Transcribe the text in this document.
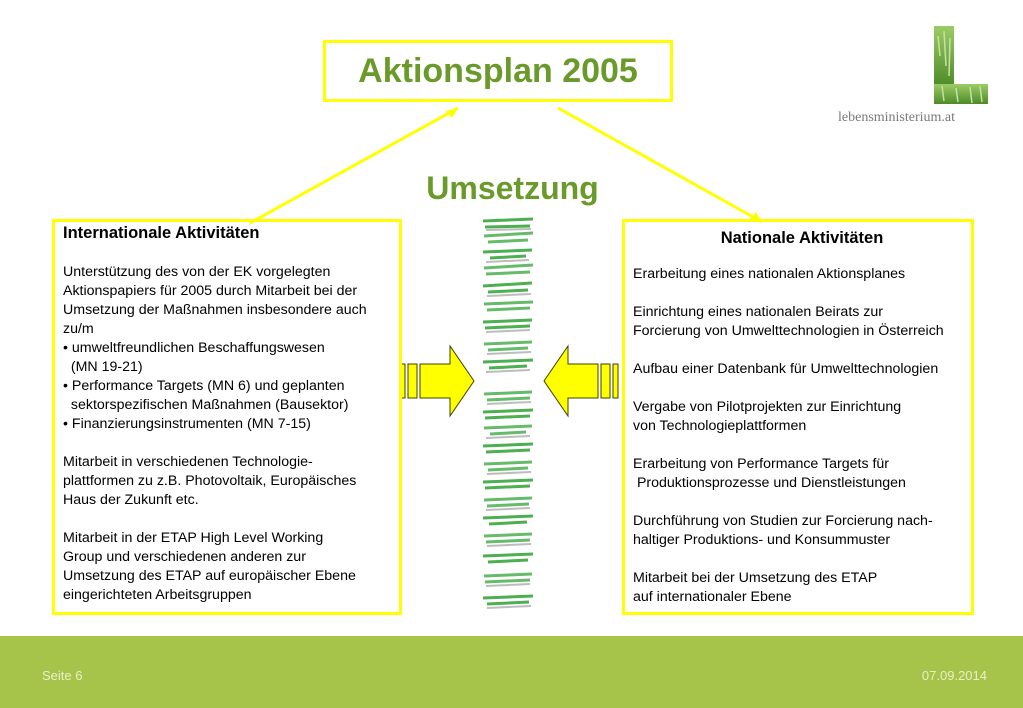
Aktionsplan 2005
Umsetzung
lebensministerium.at
Internationale Aktivitäten
Unterstützung des von der EK vorgelegten
Aktionspapiers für 2005 durch Mitarbeit bei der
Umsetzung der Maßnahmen insbesondere auch
zu/m
• umweltfreundlichen Beschaffungswesen
(MN 19-21)
• Performance Targets (MN 6) und geplanten
sektorspezifischen Maßnahmen (Bausektor)
• Finanzierungsinstrumenten (MN 7-15)
Mitarbeit in verschiedenen Technologie-
plattformen zu z.B. Photovoltaik, Europäisches
Haus der Zukunft etc.
Mitarbeit in der ETAP High Level Working
Group und verschiedenen anderen zur
Umsetzung des ETAP auf europäischer Ebene
eingerichteten Arbeitsgruppen
Nationale Aktivitäten
Erarbeitung eines nationalen Aktionsplanes
Einrichtung eines nationalen Beirats zur
Forcierung von Umwelttechnologien in Österreich
Aufbau einer Datenbank für Umwelttechnologien
Vergabe von Pilotprojekten zur Einrichtung
von Technologieplattformen
Erarbeitung von Performance Targets für
Produktionsprozesse und Dienstleistungen
Durchführung von Studien zur Forcierung nach-
haltiger Produktions- und Konsummuster
Mitarbeit bei der Umsetzung des ETAP
auf internationaler Ebene
Seite 6	07.09.2014
